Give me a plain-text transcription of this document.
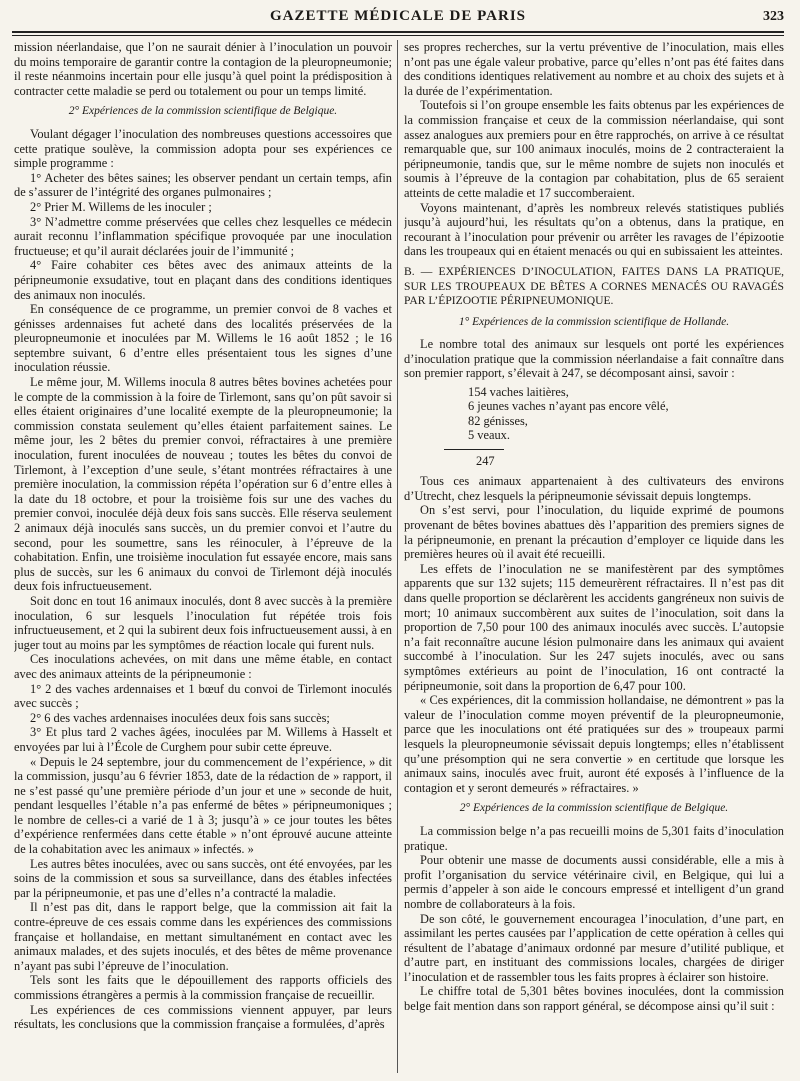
GAZETTE MÉDICALE DE PARIS	323

mission néerlandaise, que l’on ne saurait dénier à l’inoculation un pouvoir du moins temporaire de garantir contre la contagion de la pleuropneumonie; il reste néanmoins incertain pour elle jusqu’à quel point la prédisposition à contracter cette maladie se perd ou totalement ou pour un temps limité.

2° Expériences de la commission scientifique de Belgique.

Voulant dégager l’inoculation des nombreuses questions accessoires que cette pratique soulève, la commission adopta pour ses expériences ce simple programme :

1° Acheter des bêtes saines; les observer pendant un certain temps, afin de s’assurer de l’intégrité des organes pulmonaires ;

2° Prier M. Willems de les inoculer ;

3° N’admettre comme préservées que celles chez lesquelles ce médecin aurait reconnu l’inflammation spécifique provoquée par une inoculation fructueuse; et qu’il aurait déclarées jouir de l’immunité ;

4° Faire cohabiter ces bêtes avec des animaux atteints de la péripneumonie exsudative, tout en plaçant dans des conditions identiques des animaux non inoculés.

En conséquence de ce programme, un premier convoi de 8 vaches et génisses ardennaises fut acheté dans des localités préservées de la pleuropneumonie et inoculées par M. Willems le 16 août 1852 ; le 16 septembre suivant, 6 d’entre elles présentaient tous les signes d’une inoculation réussie.

Le même jour, M. Willems inocula 8 autres bêtes bovines achetées pour le compte de la commission à la foire de Tirlemont, sans qu’on pût savoir si elles étaient originaires d’une localité exempte de la pleuropneumonie; la commission constata seulement qu’elles étaient parfaitement saines. Le même jour, les 2 bêtes du premier convoi, réfractaires à une première inoculation, furent inoculées de nouveau ; toutes les bêtes du convoi de Tirlemont, à l’exception d’une seule, s’étant montrées réfractaires à une première inoculation, la commission répéta l’opération sur 6 d’entre elles à la date du 18 octobre, et pour la troisième fois sur une des vaches du premier convoi, inoculée déjà deux fois sans succès. Elle réserva seulement 2 animaux déjà inoculés sans succès, un du premier convoi et l’autre du second, pour les soumettre, sans les réinoculer, à l’épreuve de la cohabitation. Enfin, une troisième inoculation fut essayée encore, mais sans plus de succès, sur les 6 animaux du convoi de Tirlemont déjà inoculés deux fois infructueusement.

Soit donc en tout 16 animaux inoculés, dont 8 avec succès à la première inoculation, 6 sur lesquels l’inoculation fut répétée trois fois infructueusement, et 2 qui la subirent deux fois infructueusement aussi, à en juger tout au moins par les symptômes de réaction locale qui furent nuls.

Ces inoculations achevées, on mit dans une même étable, en contact avec des animaux atteints de la péripneumonie :

1° 2 des vaches ardennaises et 1 bœuf du convoi de Tirlemont inoculés avec succès ;

2° 6 des vaches ardennaises inoculées deux fois sans succès;

3° Et plus tard 2 vaches âgées, inoculées par M. Willems à Hasselt et envoyées par lui à l’École de Curghem pour subir cette épreuve.

« Depuis le 24 septembre, jour du commencement de l’expérience, » dit la commission, jusqu’au 6 février 1853, date de la rédaction de » rapport, il ne s’est passé qu’une première période d’un jour et une » seconde de huit, pendant lesquelles l’étable n’a pas enfermé de bêtes » péripneumoniques ; le nombre de celles-ci a varié de 1 à 3; jusqu’à » ce jour toutes les bêtes d’expérience renfermées dans cette étable » n’ont éprouvé aucune atteinte de la cohabitation avec les animaux » infectés. »

Les autres bêtes inoculées, avec ou sans succès, ont été envoyées, par les soins de la commission et sous sa surveillance, dans des étables infectées par la péripneumonie, et pas une d’elles n’a contracté la maladie.

Il n’est pas dit, dans le rapport belge, que la commission ait fait la contre-épreuve de ces essais comme dans les expériences des commissions française et hollandaise, en mettant simultanément en contact avec les animaux malades, et des sujets inoculés, et des bêtes de même provenance n’ayant pas subi l’épreuve de l’inoculation.

Tels sont les faits que le dépouillement des rapports officiels des commissions étrangères a permis à la commission française de recueillir.

Les expériences de ces commissions viennent appuyer, par leurs résultats, les conclusions que la commission française a formulées, d’après

ses propres recherches, sur la vertu préventive de l’inoculation, mais elles n’ont pas une égale valeur probative, parce qu’elles n’ont pas été faites dans des conditions identiques relativement au nombre et au choix des sujets et à la durée de l’expérimentation.

Toutefois si l’on groupe ensemble les faits obtenus par les expériences de la commission française et ceux de la commission néerlandaise, qui sont assez analogues aux premiers pour en être rapprochés, on arrive à ce résultat remarquable que, sur 100 animaux inoculés, moins de 2 contracteraient la péripneumonie, tandis que, sur le même nombre de sujets non inoculés et soumis à l’épreuve de la contagion par cohabitation, plus de 65 seraient atteints de cette maladie et 17 succomberaient.

Voyons maintenant, d’après les nombreux relevés statistiques publiés jusqu’à aujourd’hui, les résultats qu’on a obtenus, dans la pratique, en recourant à l’inoculation pour prévenir ou arrêter les ravages de l’épizootie dans les troupeaux qui en étaient menacés ou qui en subissaient les atteintes.

B. — EXPÉRIENCES D’INOCULATION, FAITES DANS LA PRATIQUE, SUR LES TROUPEAUX DE BÊTES A CORNES MENACÉS OU RAVAGÉS PAR L’ÉPIZOOTIE PÉRIPNEUMONIQUE.

1° Expériences de la commission scientifique de Hollande.

Le nombre total des animaux sur lesquels ont porté les expériences d’inoculation pratique que la commission néerlandaise a fait connaître dans son premier rapport, s’élevait à 247, se décomposant ainsi, savoir :

154 vaches laitières,
6 jeunes vaches n’ayant pas encore vêlé,
82 génisses,
5 veaux.
247

Tous ces animaux appartenaient à des cultivateurs des environs d’Utrecht, chez lesquels la péripneumonie sévissait depuis longtemps.

On s’est servi, pour l’inoculation, du liquide exprimé de poumons provenant de bêtes bovines abattues dès l’apparition des premiers signes de la péripneumonie, en prenant la précaution d’employer ce liquide dans les premières heures où il avait été recueilli.

Les effets de l’inoculation ne se manifestèrent par des symptômes apparents que sur 132 sujets; 115 demeurèrent réfractaires. Il n’est pas dit dans quelle proportion se déclarèrent les accidents gangréneux non suivis de mort; 10 animaux succombèrent aux suites de l’inoculation, soit dans la proportion de 7,50 pour 100 des animaux inoculés avec succès. L’autopsie n’a fait reconnaître aucune lésion pulmonaire dans les animaux qui avaient succombé à l’inoculation. Sur les 247 sujets inoculés, avec ou sans symptômes extérieurs au point de l’inoculation, 16 ont contracté la péripneumonie, soit dans la proportion de 6,47 pour 100.

« Ces expériences, dit la commission hollandaise, ne démontrent » pas la valeur de l’inoculation comme moyen préventif de la pleuropneumonie, parce que les inoculations ont été pratiquées sur des » troupeaux parmi lesquels la pleuropneumonie sévissait depuis longtemps; elles n’établissent qu’une présomption qui ne sera convertie » en certitude que lorsque les animaux sains, inoculés avec fruit, auront été exposés à l’influence de la contagion et y seront demeurés » réfractaires. »

2° Expériences de la commission scientifique de Belgique.

La commission belge n’a pas recueilli moins de 5,301 faits d’inoculation pratique.

Pour obtenir une masse de documents aussi considérable, elle a mis à profit l’organisation du service vétérinaire civil, en Belgique, qui lui a permis d’appeler à son aide le concours empressé et intelligent d’un grand nombre de collaborateurs à la fois.

De son côté, le gouvernement encouragea l’inoculation, d’une part, en assimilant les pertes causées par l’application de cette opération à celles qui résultent de l’abatage d’animaux ordonné par mesure d’utilité publique, et d’autre part, en instituant des commissions locales, chargées de diriger l’inoculation et de rassembler tous les faits propres à éclairer son histoire.

Le chiffre total de 5,301 bêtes bovines inoculées, dont la commission belge fait mention dans son rapport général, se décompose ainsi qu’il suit :
